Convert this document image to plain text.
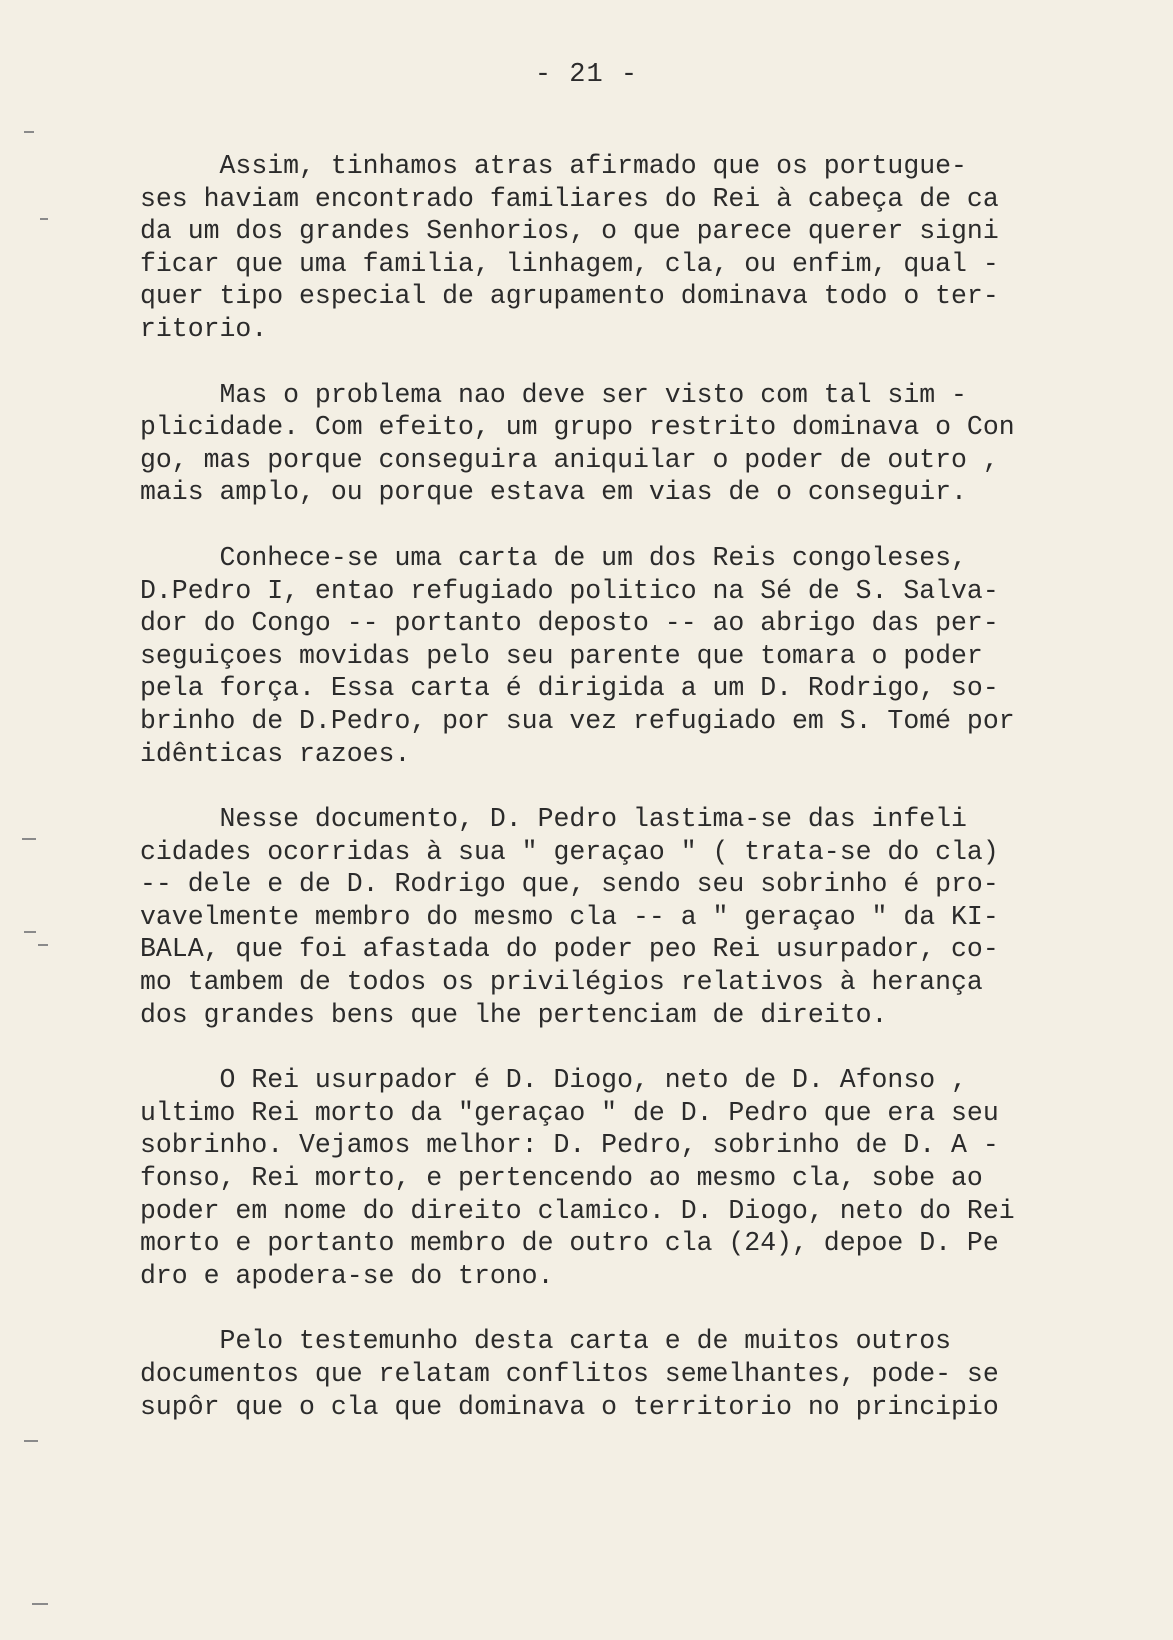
- 21 -
Assim, tinhamos atras afirmado que os portugue-
ses haviam encontrado familiares do Rei à cabeça de ca
da um dos grandes Senhorios, o que parece querer signi
ficar que uma familia, linhagem, cla, ou enfim, qual -
quer tipo especial de agrupamento dominava todo o ter-
ritorio.
Mas o problema nao deve ser visto com tal sim -
plicidade. Com efeito, um grupo restrito dominava o Con
go, mas porque conseguira aniquilar o poder de outro ,
mais amplo, ou porque estava em vias de o conseguir.
Conhece-se uma carta de um dos Reis congoleses,
D.Pedro I, entao refugiado politico na Sé de S. Salva-
dor do Congo -- portanto deposto -- ao abrigo das per-
seguiçoes movidas pelo seu parente que tomara o poder
pela força. Essa carta é dirigida a um D. Rodrigo, so-
brinho de D.Pedro, por sua vez refugiado em S. Tomé por
idênticas razoes.
Nesse documento, D. Pedro lastima-se das infeli
cidades ocorridas à sua " geraçao " ( trata-se do cla)
-- dele e de D. Rodrigo que, sendo seu sobrinho é pro-
vavelmente membro do mesmo cla -- a " geraçao " da KI-
BALA, que foi afastada do poder peo Rei usurpador, co-
mo tambem de todos os privilégios relativos à herança
dos grandes bens que lhe pertenciam de direito.
O Rei usurpador é D. Diogo, neto de D. Afonso ,
ultimo Rei morto da "geraçao " de D. Pedro que era seu
sobrinho. Vejamos melhor: D. Pedro, sobrinho de D. A -
fonso, Rei morto, e pertencendo ao mesmo cla, sobe ao
poder em nome do direito clamico. D. Diogo, neto do Rei
morto e portanto membro de outro cla (24), depoe D. Pe
dro e apodera-se do trono.
Pelo testemunho desta carta e de muitos outros
documentos que relatam conflitos semelhantes, pode- se
supôr que o cla que dominava o territorio no principio
